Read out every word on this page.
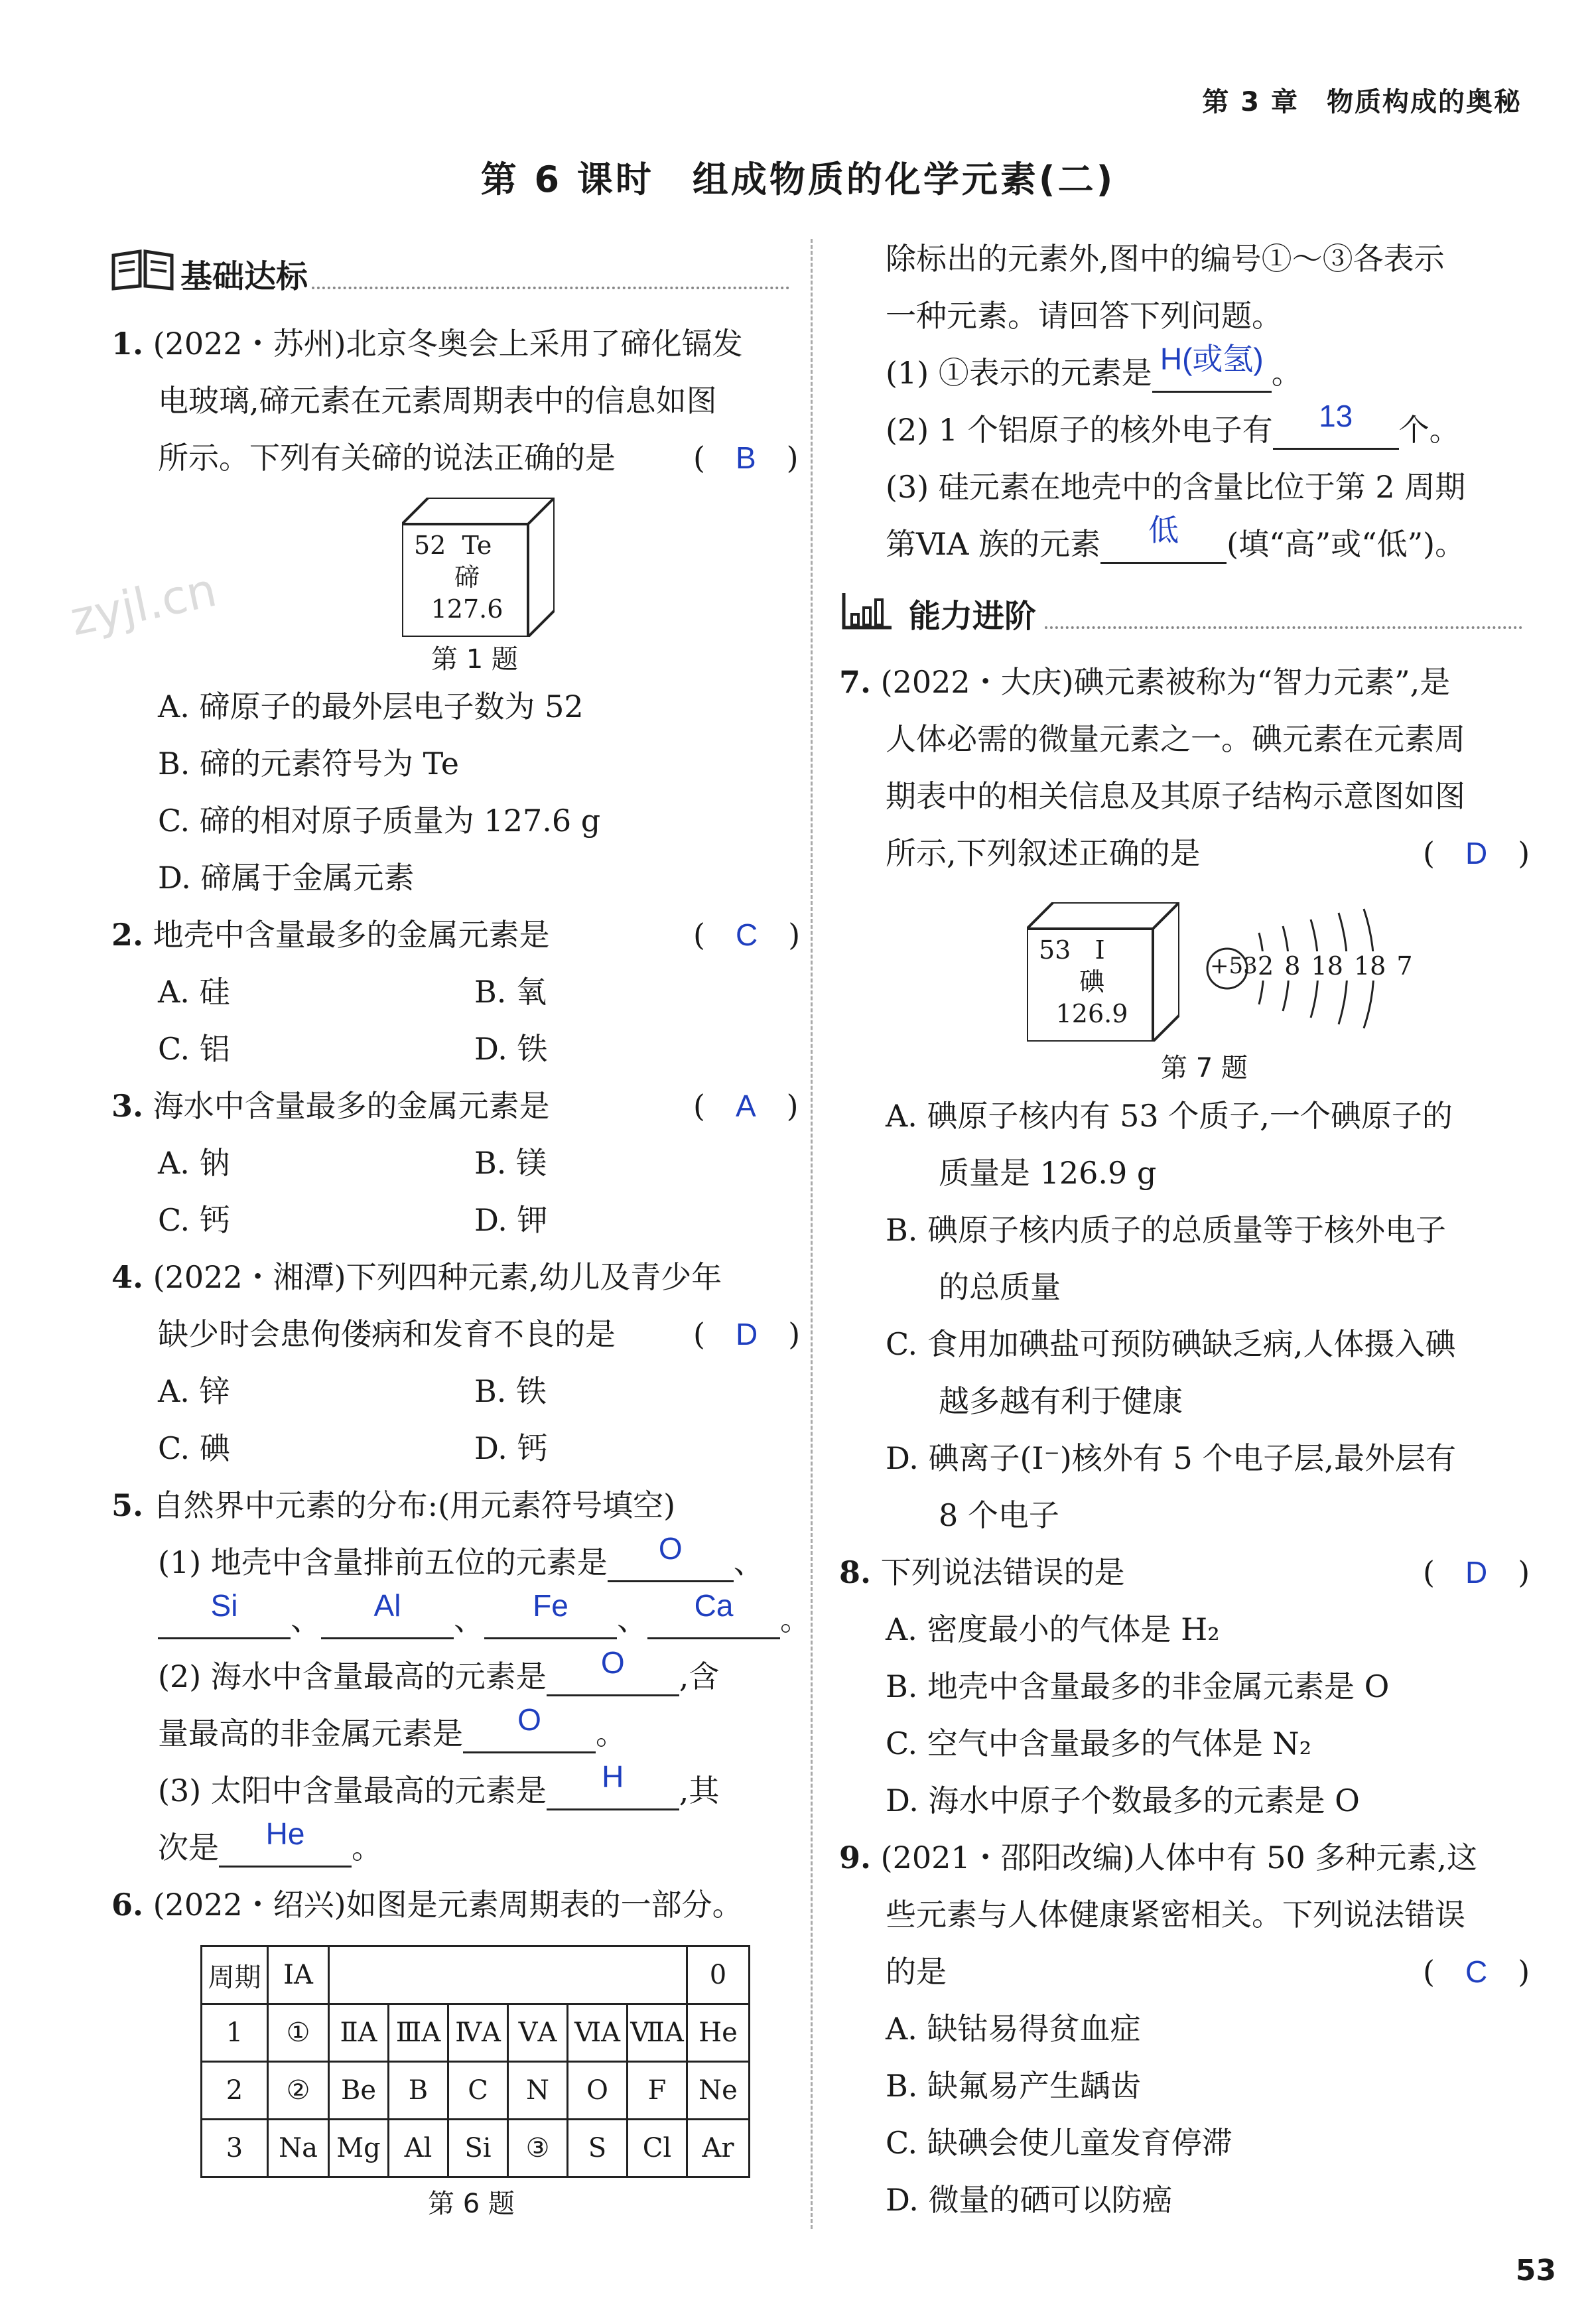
第 3 章　物质构成的奥秘
第 6 课时　组成物质的化学元素(二)
zyjl.cn
基础达标
1. (2022・苏州)北京冬奥会上采用了碲化镉发
电玻璃,碲元素在元素周期表中的信息如图
所示。下列有关碲的说法正确的是	(　B　)
52 Te
碲
127.6
第 1 题
A. 碲原子的最外层电子数为 52
B. 碲的元素符号为 Te
C. 碲的相对原子质量为 127.6 g
D. 碲属于金属元素
2. 地壳中含量最多的金属元素是	(　C　)
A. 硅	B. 氧
C. 铝	D. 铁
3. 海水中含量最多的金属元素是	(　A　)
A. 钠	B. 镁
C. 钙	D. 钾
4. (2022・湘潭)下列四种元素,幼儿及青少年
缺少时会患佝偻病和发育不良的是	(　D　)
A. 锌	B. 铁
C. 碘	D. 钙
5. 自然界中元素的分布:(用元素符号填空)
(1) 地壳中含量排前五位的元素是 O 、
Si 、 Al 、 Fe 、 Ca 。
(2) 海水中含量最高的元素是 O ,含
量最高的非金属元素是 O 。
(3) 太阳中含量最高的元素是 H ,其
次是 He 。
6. (2022・绍兴)如图是元素周期表的一部分。
周期	ⅠA							0
1	①	ⅡA	ⅢA	ⅣA	ⅤA	ⅥA	ⅦA	He
2	②	Be	B	C	N	O	F	Ne
3	Na	Mg	Al	Si	③	S	Cl	Ar
第 6 题
除标出的元素外,图中的编号①～③各表示
一种元素。请回答下列问题。
(1) ①表示的元素是 H(或氢) 。
(2) 1 个铝原子的核外电子有 13 个。
(3) 硅元素在地壳中的含量比位于第 2 周期
第ⅥA 族的元素 低 (填“高”或“低”)。
能力进阶
7. (2022・大庆)碘元素被称为“智力元素”,是
人体必需的微量元素之一。碘元素在元素周
期表中的相关信息及其原子结构示意图如图
所示,下列叙述正确的是	(　D　)
53 I
碘
126.9
+53 2 8 18 18 7
第 7 题
A. 碘原子核内有 53 个质子,一个碘原子的
质量是 126.9 g
B. 碘原子核内质子的总质量等于核外电子
的总质量
C. 食用加碘盐可预防碘缺乏病,人体摄入碘
越多越有利于健康
D. 碘离子(I⁻)核外有 5 个电子层,最外层有
8 个电子
8. 下列说法错误的是	(　D　)
A. 密度最小的气体是 H₂
B. 地壳中含量最多的非金属元素是 O
C. 空气中含量最多的气体是 N₂
D. 海水中原子个数最多的元素是 O
9. (2021・邵阳改编)人体中有 50 多种元素,这
些元素与人体健康紧密相关。下列说法错误
的是	(　C　)
A. 缺钴易得贫血症
B. 缺氟易产生龋齿
C. 缺碘会使儿童发育停滞
D. 微量的硒可以防癌
53
